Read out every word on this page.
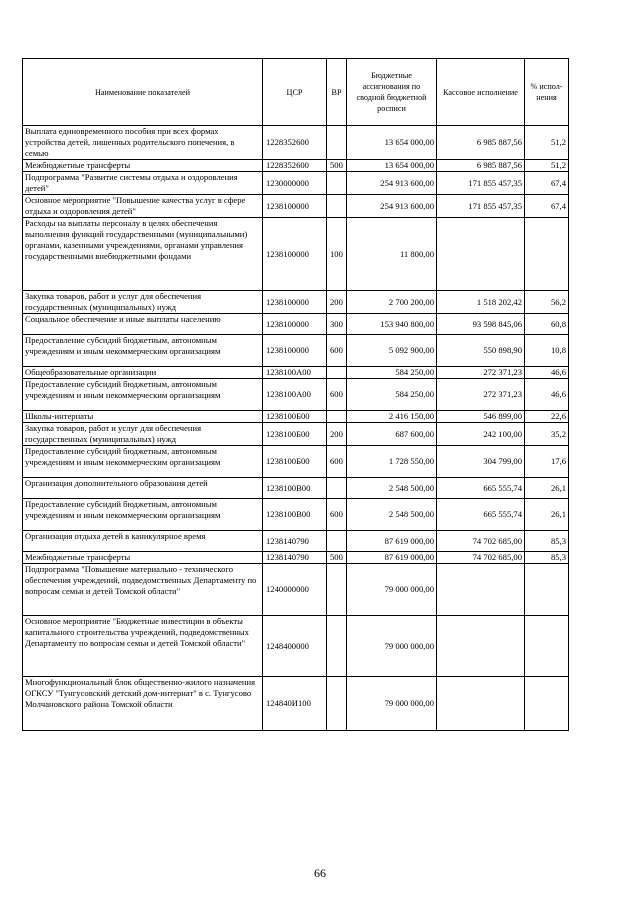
Наименование показателей	ЦСР	ВР	Бюджетные ассигнования по сводной бюджетной росписи	Кассовое исполнение	% испол-нения
Выплата единовременного пособия при всех формах устройства детей, лишенных родительского попечения, в семью	1228352600		13 654 000,00	6 985 887,56	51,2
Межбюджетные трансферты	1228352600	500	13 654 000,00	6 985 887,56	51,2
Подпрограмма "Развитие системы отдыха и оздоровления детей"	1230000000		254 913 600,00	171 855 457,35	67,4
Основное мероприятие "Повышение качества услуг в сфере отдыха и оздоровления детей"	1238100000		254 913 600,00	171 855 457,35	67,4
Расходы на выплаты персоналу в целях обеспечения выполнения функций государственными (муниципальными) органами, казенными учреждениями, органами управления государственными внебюджетными фондами	1238100000	100	11 800,00		
Закупка товаров, работ и услуг для обеспечения государственных (муниципальных) нужд	1238100000	200	2 700 200,00	1 518 202,42	56,2
Социальное обеспечение и иные выплаты населению	1238100000	300	153 940 800,00	93 598 845,06	60,8
Предоставление субсидий бюджетным, автономным учреждениям и иным некоммерческим организациям	1238100000	600	5 092 900,00	550 898,90	10,8
Общеобразовательные организации	1238100A00		584 250,00	272 371,23	46,6
Предоставление субсидий бюджетным, автономным учреждениям и иным некоммерческим организациям	1238100A00	600	584 250,00	272 371,23	46,6
Школы-интернаты	1238100Б00		2 416 150,00	546 899,00	22,6
Закупка товаров, работ и услуг для обеспечения государственных (муниципальных) нужд	1238100Б00	200	687 600,00	242 100,00	35,2
Предоставление субсидий бюджетным, автономным учреждениям и иным некоммерческим организациям	1238100Б00	600	1 728 550,00	304 799,00	17,6
Организация дополнительного образования детей	1238100B00		2 548 500,00	665 555,74	26,1
Предоставление субсидий бюджетным, автономным учреждениям и иным некоммерческим организациям	1238100B00	600	2 548 500,00	665 555,74	26,1
Организация отдыха детей в каникулярное время	1238140790		87 619 000,00	74 702 685,00	85,3
Межбюджетные трансферты	1238140790	500	87 619 000,00	74 702 685,00	85,3
Подпрограмма "Повышение материально - технического обеспечения учреждений, подведомственных Департаменту по вопросам семьи и детей Томской области"	1240000000		79 000 000,00		
Основное мероприятие "Бюджетные инвестиции в объекты капитального строительства учреждений, подведомственных Департаменту по вопросам семьи и детей Томской области"	1248400000		79 000 000,00		
Многофункциональный блок общественно-жилого назначения ОГКСУ "Тунгусовский детский дом-интернат" в с. Тунгусово Молчановского района Томской области	124840И100		79 000 000,00		
66
